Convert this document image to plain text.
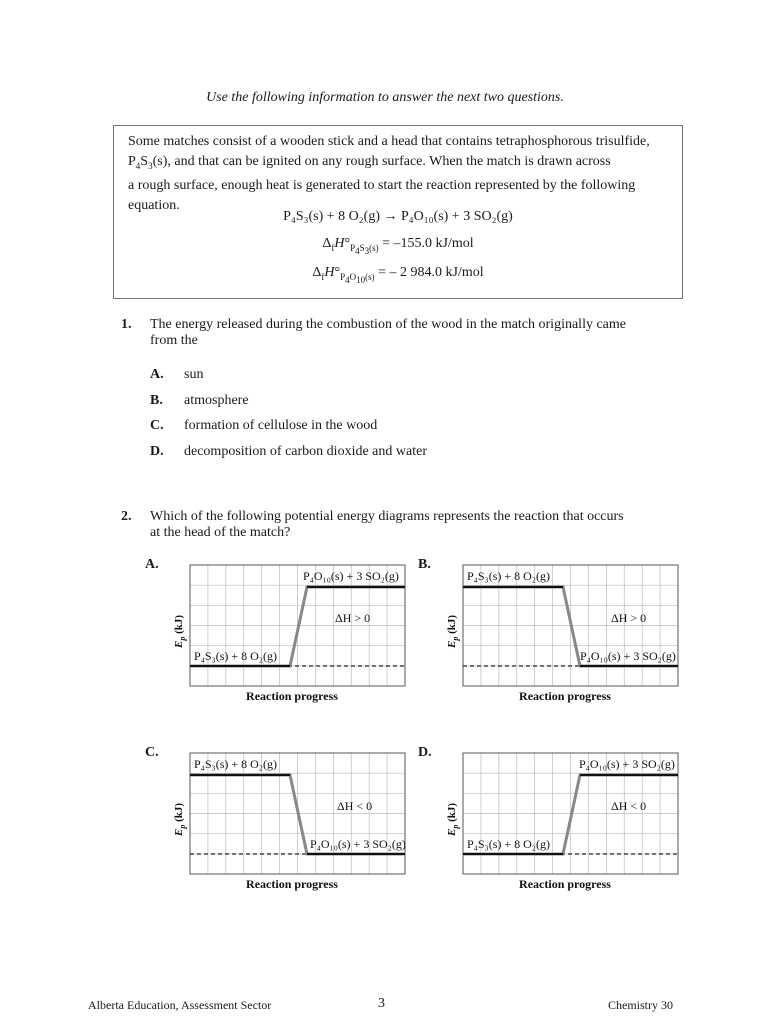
Use the following information to answer the next two questions.
Some matches consist of a wooden stick and a head that contains tetraphosphorous trisulfide,
$P_4S_3(s)$, and that can be ignited on any rough surface. When the match is drawn across
a rough surface, enough heat is generated to start the reaction represented by the following
equation.
P₄S₃(s) + 8 O₂(g) → P₄O₁₀(s) + 3 SO₂(g)
$\Delta_fH^\circ_{P_4S_3(s)} = -155.0$ kJ/mol
$\Delta_fH^\circ_{P_4O_{10}(s)}$ = – 2 984.0 kJ/mol
1. The energy released during the combustion of the wood in the match originally came
from the
A. sun
B. atmosphere
C. formation of cellulose in the wood
D. decomposition of carbon dioxide and water
2. Which of the following potential energy diagrams represents the reaction that occurs
at the head of the match?
A.	B.
C.	D.
P₄O₁₀(s) + 3 SO₂(g)
ΔH > 0
P₄S₃(s) + 8 O₂(g)
$E_p$ (kJ)
Reaction progress
P₄S₃(s) + 8 O₂(g)
ΔH > 0
P₄O₁₀(s) + 3 SO₂(g)
$E_p$ (kJ)
Reaction progress
P₄S₃(s) + 8 O₂(g)
ΔH < 0
P₄O₁₀(s) + 3 SO₂(g)
$E_p$ (kJ)
Reaction progress
P₄O₁₀(s) + 3 SO₂(g)
ΔH < 0
P₄S₃(s) + 8 O₂(g)
$E_p$ (kJ)
Reaction progress
Alberta Education, Assessment Sector	3	Chemistry 30
